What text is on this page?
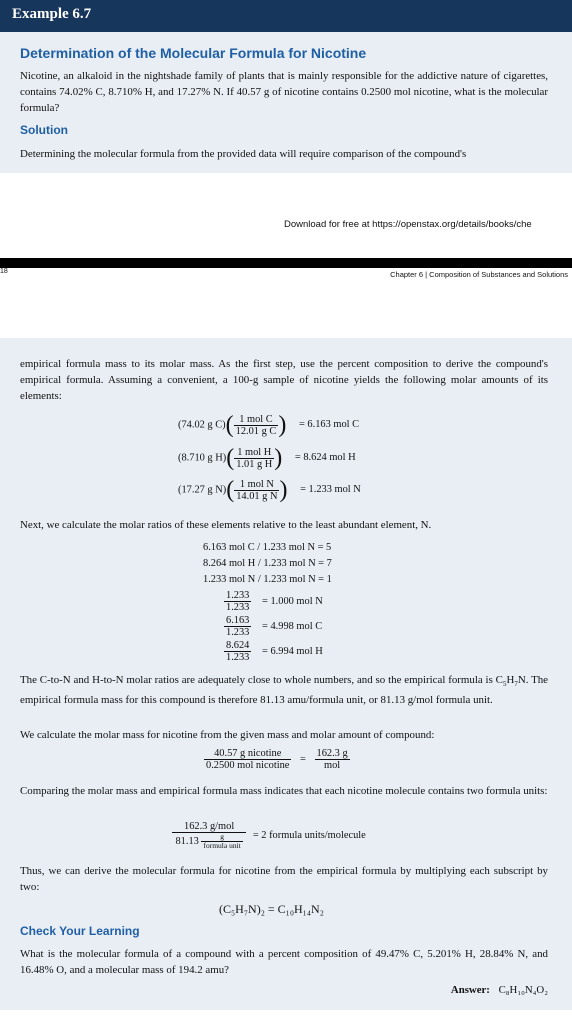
Example 6.7
Determination of the Molecular Formula for Nicotine
Nicotine, an alkaloid in the nightshade family of plants that is mainly responsible for the addictive nature of cigarettes, contains 74.02% C, 8.710% H, and 17.27% N. If 40.57 g of nicotine contains 0.2500 mol nicotine, what is the molecular formula?
Solution
Determining the molecular formula from the provided data will require comparison of the compound's
Download for free at https://openstax.org/details/books/che
18	Chapter 6 | Composition of Substances and Solutions
empirical formula mass to its molar mass. As the first step, use the percent composition to derive the compound's empirical formula. Assuming a convenient, a 100-g sample of nicotine yields the following molar amounts of its elements:
(74.02 g $C)( \frac{\text{1 mol C}}{\text{12.01 g C}}$ ) = 6.163 mol C
(8.710 g $H)( \frac{\text{1 mol H}}{\text{1.01 g H}}$ ) = 8.624 mol H
(17.27 g $N)( \frac{\text{1 mol N}}{\text{14.01 g N}}$ ) = 1.233 mol N
Next, we calculate the molar ratios of these elements relative to the least abundant element, N.
6.163 mol C / 1.233 mol N = 5
8.264 mol H / 1.233 mol N = 7
1.233 mol N / 1.233 mol N = 1
$\frac{1.233}{1.233} = 1.000$ mol N
$\frac{6.163}{1.233} = 4.998$ mol C
$\frac{8.624}{1.233} = 6.994$ mol H
The C-to-N and H-to-N molar ratios are adequately close to whole numbers, and so the empirical formula is $C_5H_7N$. The empirical formula mass for this compound is therefore 81.13 amu/formula unit, or 81.13 g/mol formula unit.
We calculate the molar mass for nicotine from the given mass and molar amount of compound:
$\frac{\text{40.57 g nicotine}}{\text{0.2500 mol nicotine}} = \frac{162.3 g}{\text{mol}}$
Comparing the molar mass and empirical formula mass indicates that each nicotine molecule contains two formula units:
$\frac{\text{162.3 g/mol}}{81.13 \frac{g}{\text{formula unit}}} = 2$ formula units/molecule
Thus, we can derive the molecular formula for nicotine from the empirical formula by multiplying each subscript by two:
(C₅H₇N)₂ = C₁₀H₁₄N₂
Check Your Learning
What is the molecular formula of a compound with a percent composition of 49.47% C, 5.201% H, 28.84% N, and 16.48% O, and a molecular mass of 194.2 amu?
Answer: C₈H₁₀N₄O₂
